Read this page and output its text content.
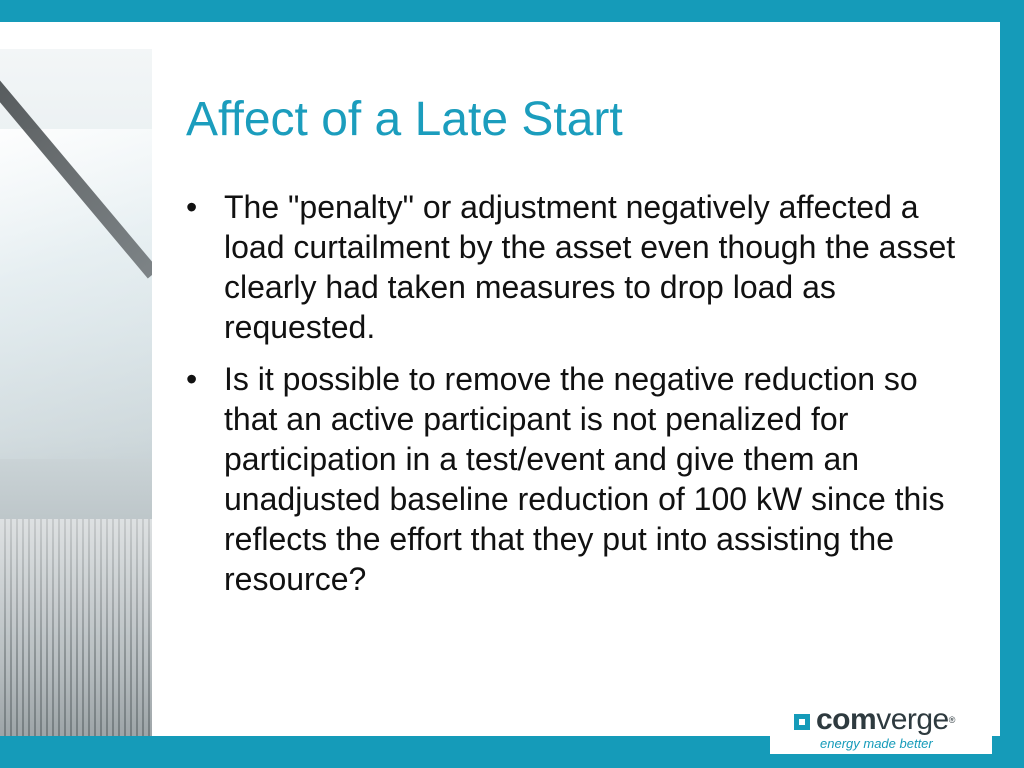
Affect of a Late Start
• The "penalty" or adjustment negatively affected a load curtailment by the asset even though the asset clearly had taken measures to drop load as requested.
• Is it possible to remove the negative reduction so that an active participant is not penalized for participation in a test/event and give them an unadjusted baseline reduction of 100 kW since this reflects the effort that they put into assisting the resource?
comverge®
energy made better
